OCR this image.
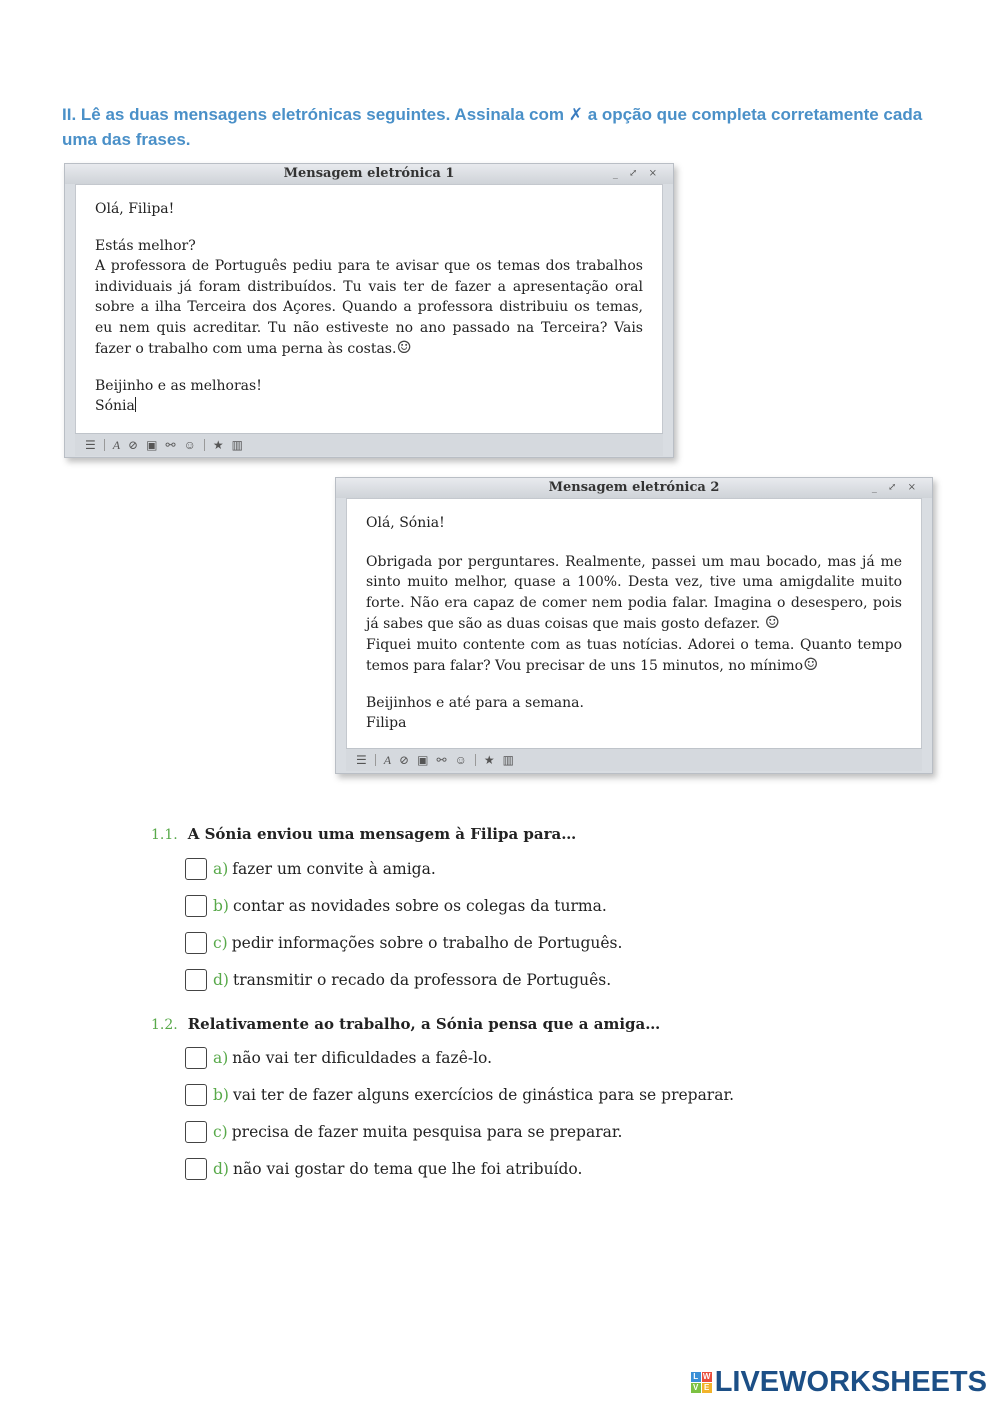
II. Lê as duas mensagens eletrónicas seguintes. Assinala com ✗ a opção que completa corretamente cada uma das frases.
Mensagem eletrónica 1	_ ⤢ ×

Olá, Filipa!

Estás melhor?

A professora de Português pediu para te avisar que os temas dos trabalhos individuais já foram distribuídos. Tu vais ter de fazer a apresentação oral sobre a ilha Terceira dos Açores. Quando a professora distribuiu os temas, eu nem quis acreditar. Tu não estiveste no ano passado na Terceira? Vais fazer o trabalho com uma perna às costas.☺

Beijinho e as melhoras!

Sónia

☰ A ⊘ ▣ ⚯ ☺ ★ ▥
Mensagem eletrónica 2	_ ⤢ ×

Olá, Sónia!

Obrigada por perguntares. Realmente, passei um mau bocado, mas já me sinto muito melhor, quase a 100%. Desta vez, tive uma amigdalite muito forte. Não era capaz de comer nem podia falar. Imagina o desespero, pois já sabes que são as duas coisas que mais gosto defazer. ☺

Fiquei muito contente com as tuas notícias. Adorei o tema. Quanto tempo temos para falar? Vou precisar de uns 15 minutos, no mínimo☺

Beijinhos e até para a semana.

Filipa

☰ A ⊘ ▣ ⚯ ☺ ★ ▥
1.1. A Sónia enviou uma mensagem à Filipa para…
a) fazer um convite à amiga.
b) contar as novidades sobre os colegas da turma.
c) pedir informações sobre o trabalho de Português.
d) transmitir o recado da professora de Português.
1.2. Relativamente ao trabalho, a Sónia pensa que a amiga…
a) não vai ter dificuldades a fazê-lo.
b) vai ter de fazer alguns exercícios de ginástica para se preparar.
c) precisa de fazer muita pesquisa para se preparar.
d) não vai gostar do tema que lhe foi atribuído.
L W
V E LIVEWORKSHEETS
